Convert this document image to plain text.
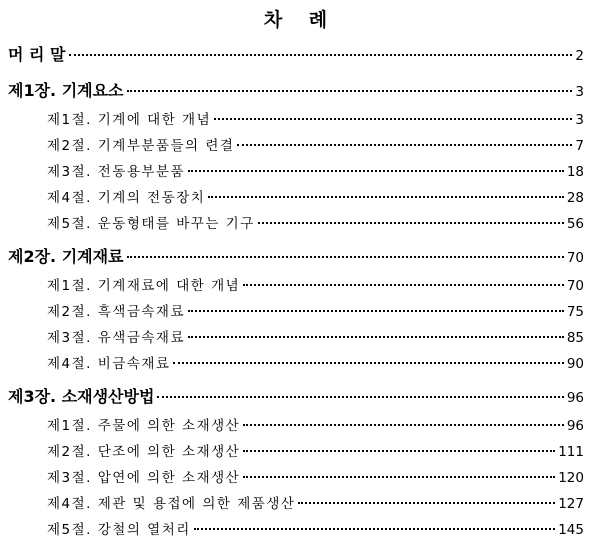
차 례
머 리 말	2
제1장. 기계요소	3
제1절. 기계에 대한 개념	3
제2절. 기계부분품들의 련결	7
제3절. 전동용부분품	18
제4절. 기계의 전동장치	28
제5절. 운동형태를 바꾸는 기구	56
제2장. 기계재료	70
제1절. 기계재료에 대한 개념	70
제2절. 흑색금속재료	75
제3절. 유색금속재료	85
제4절. 비금속재료	90
제3장. 소재생산방법	96
제1절. 주물에 의한 소재생산	96
제2절. 단조에 의한 소재생산	111
제3절. 압연에 의한 소재생산	120
제4절. 제관 및 용접에 의한 제품생산	127
제5절. 강철의 열처리	145
